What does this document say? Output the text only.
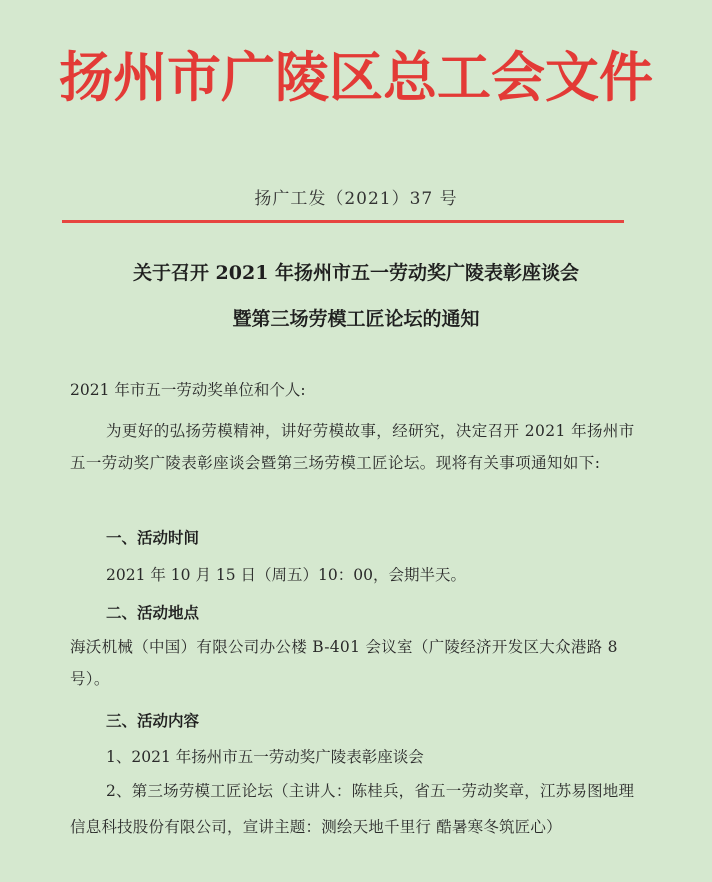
扬州市广陵区总工会文件
扬广工发（2021）37 号
关于召开 2021 年扬州市五一劳动奖广陵表彰座谈会
暨第三场劳模工匠论坛的通知
2021 年市五一劳动奖单位和个人:
为更好的弘扬劳模精神，讲好劳模故事，经研究，决定召开 2021 年扬州市五一劳动奖广陵表彰座谈会暨第三场劳模工匠论坛。现将有关事项通知如下:
一、活动时间
2021 年 10 月 15 日（周五）10：00，会期半天。
二、活动地点
海沃机械（中国）有限公司办公楼 B-401 会议室（广陵经济开发区大众港路 8 号）。
三、活动内容
1、2021 年扬州市五一劳动奖广陵表彰座谈会
2、第三场劳模工匠论坛（主讲人：陈桂兵，省五一劳动奖章，江苏易图地理信息科技股份有限公司，宣讲主题：测绘天地千里行 酷暑寒冬筑匠心）
